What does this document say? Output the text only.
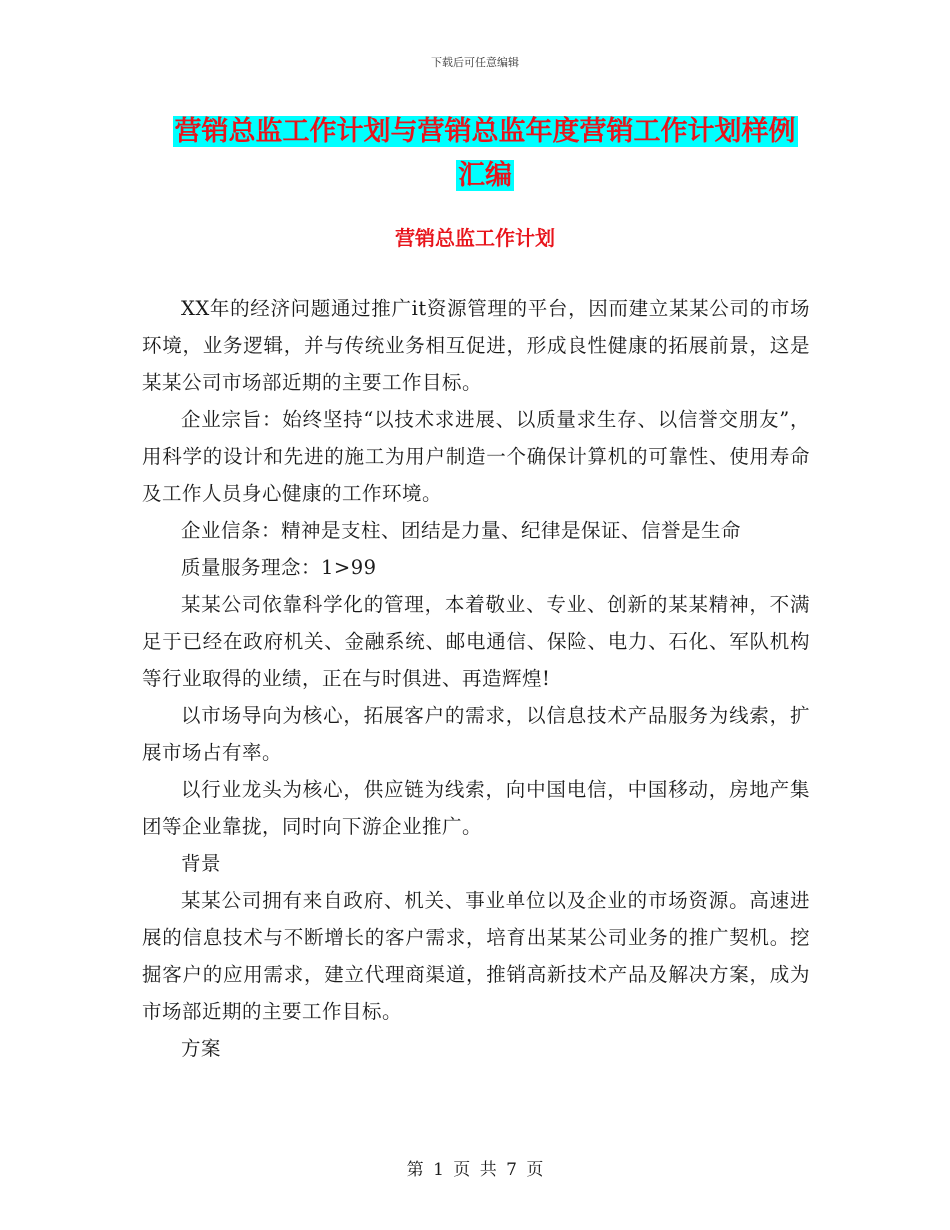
下载后可任意编辑
营销总监工作计划与营销总监年度营销工作计划样例
汇编
营销总监工作计划

XX年的经济问题通过推广it资源管理的平台，因而建立某某公司的市场环境，业务逻辑，并与传统业务相互促进，形成良性健康的拓展前景，这是某某公司市场部近期的主要工作目标。

企业宗旨：始终坚持“以技术求进展、以质量求生存、以信誉交朋友”，用科学的设计和先进的施工为用户制造一个确保计算机的可靠性、使用寿命及工作人员身心健康的工作环境。

企业信条：精神是支柱、团结是力量、纪律是保证、信誉是生命

质量服务理念：1>99

某某公司依靠科学化的管理，本着敬业、专业、创新的某某精神，不满足于已经在政府机关、金融系统、邮电通信、保险、电力、石化、军队机构等行业取得的业绩，正在与时俱进、再造辉煌!

以市场导向为核心，拓展客户的需求，以信息技术产品服务为线索，扩展市场占有率。

以行业龙头为核心，供应链为线索，向中国电信，中国移动，房地产集团等企业靠拢，同时向下游企业推广。

背景

某某公司拥有来自政府、机关、事业单位以及企业的市场资源。高速进展的信息技术与不断增长的客户需求，培育出某某公司业务的推广契机。挖掘客户的应用需求，建立代理商渠道，推销高新技术产品及解决方案，成为市场部近期的主要工作目标。

方案

第 1 页 共 7 页
